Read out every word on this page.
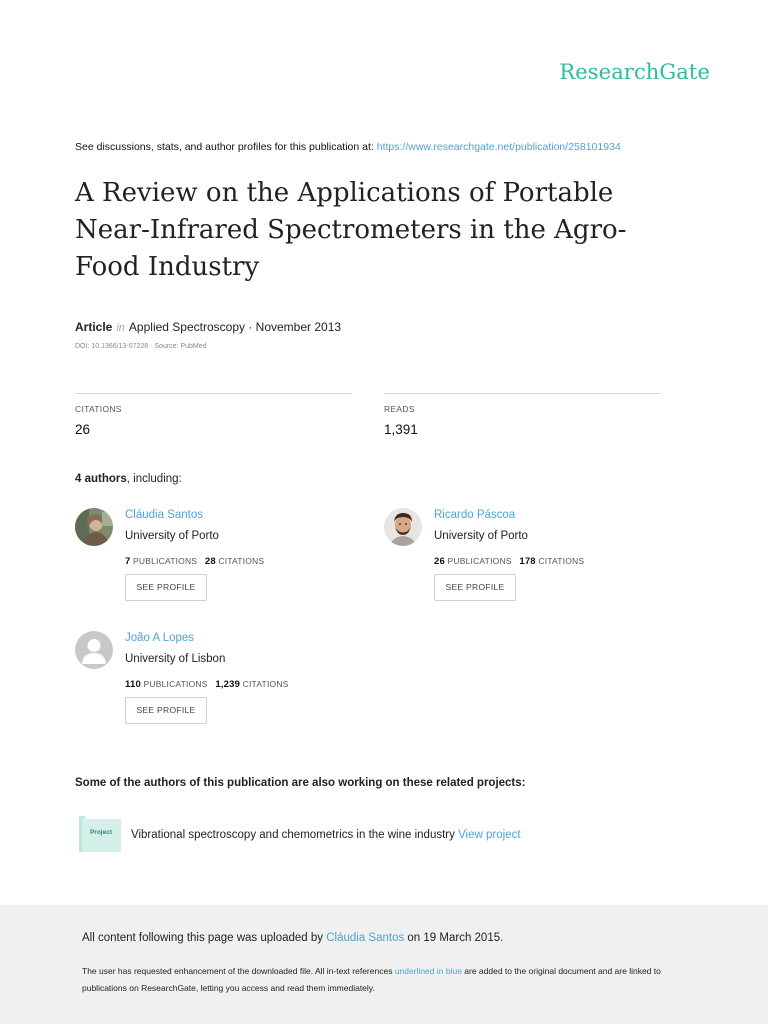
ResearchGate
See discussions, stats, and author profiles for this publication at: https://www.researchgate.net/publication/258101934
A Review on the Applications of Portable Near-Infrared Spectrometers in the Agro-Food Industry
Article in Applied Spectroscopy · November 2013
DOI: 10.1366/13-07228 · Source: PubMed
CITATIONS
26
READS
1,391
4 authors, including:
Cláudia Santos
University of Porto
7 PUBLICATIONS 28 CITATIONS
SEE PROFILE
Ricardo Páscoa
University of Porto
26 PUBLICATIONS 178 CITATIONS
SEE PROFILE
João A Lopes
University of Lisbon
110 PUBLICATIONS 1,239 CITATIONS
SEE PROFILE
Some of the authors of this publication are also working on these related projects:
Project	Vibrational spectroscopy and chemometrics in the wine industry View project
All content following this page was uploaded by Cláudia Santos on 19 March 2015.
The user has requested enhancement of the downloaded file. All in-text references underlined in blue are added to the original document and are linked to publications on ResearchGate, letting you access and read them immediately.
